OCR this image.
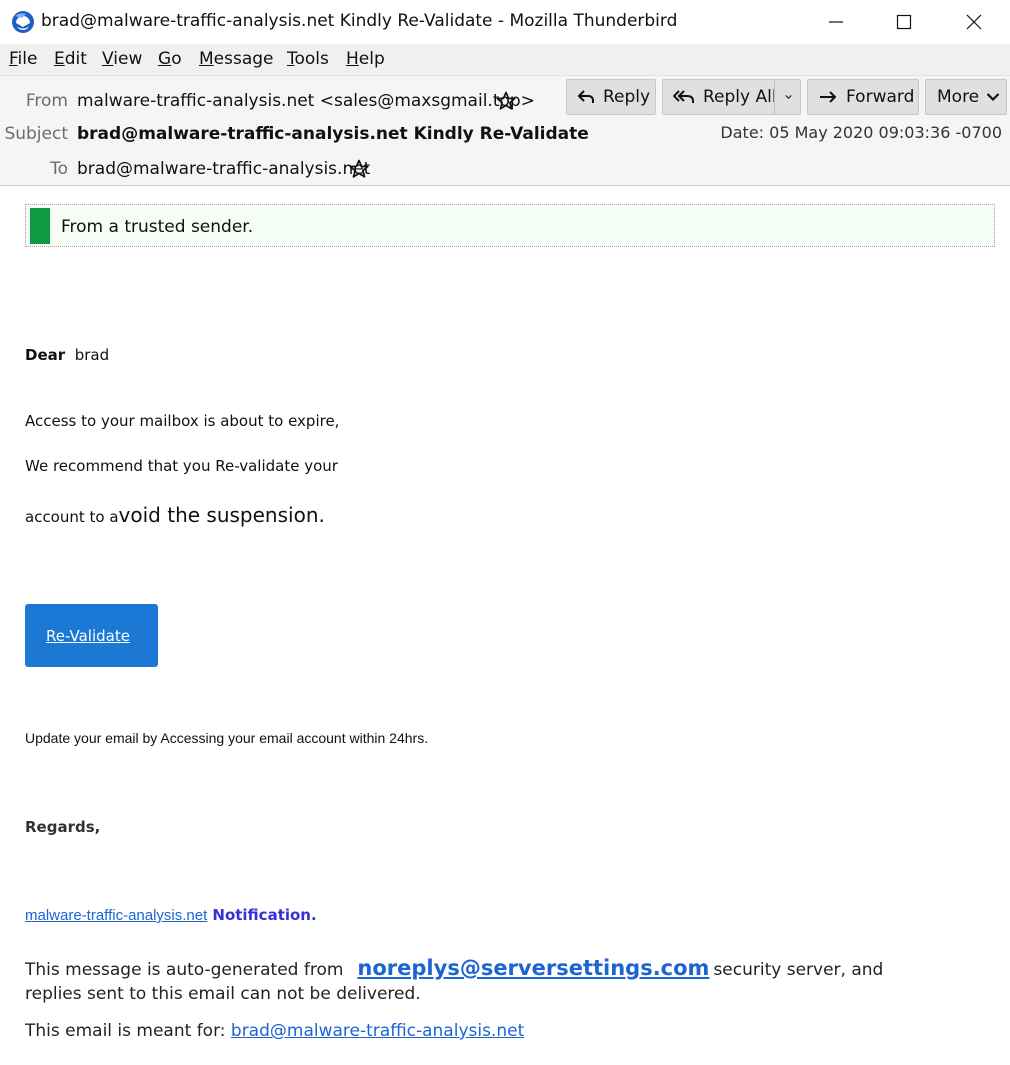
brad@malware-traffic-analysis.net Kindly Re-Validate - Mozilla Thunderbird
File Edit View Go Message Tools Help
From malware-traffic-analysis.net <sales@maxsgmail.top>
Subject brad@malware-traffic-analysis.net Kindly Re-Validate
To brad@malware-traffic-analysis.net
Date: 05 May 2020 09:03:36 -0700
Reply	Reply All	Forward More
From a trusted sender.
Dear brad
Access to your mailbox is about to expire,
We recommend that you Re-validate your
account to avoid the suspension.
Re-Validate
Update your email by Accessing your email account within 24hrs.
Regards,
malware-traffic-analysis.net Notification.
This message is auto-generated from noreplys@serversettings.com security server, and
replies sent to this email can not be delivered.
This email is meant for: brad@malware-traffic-analysis.net
